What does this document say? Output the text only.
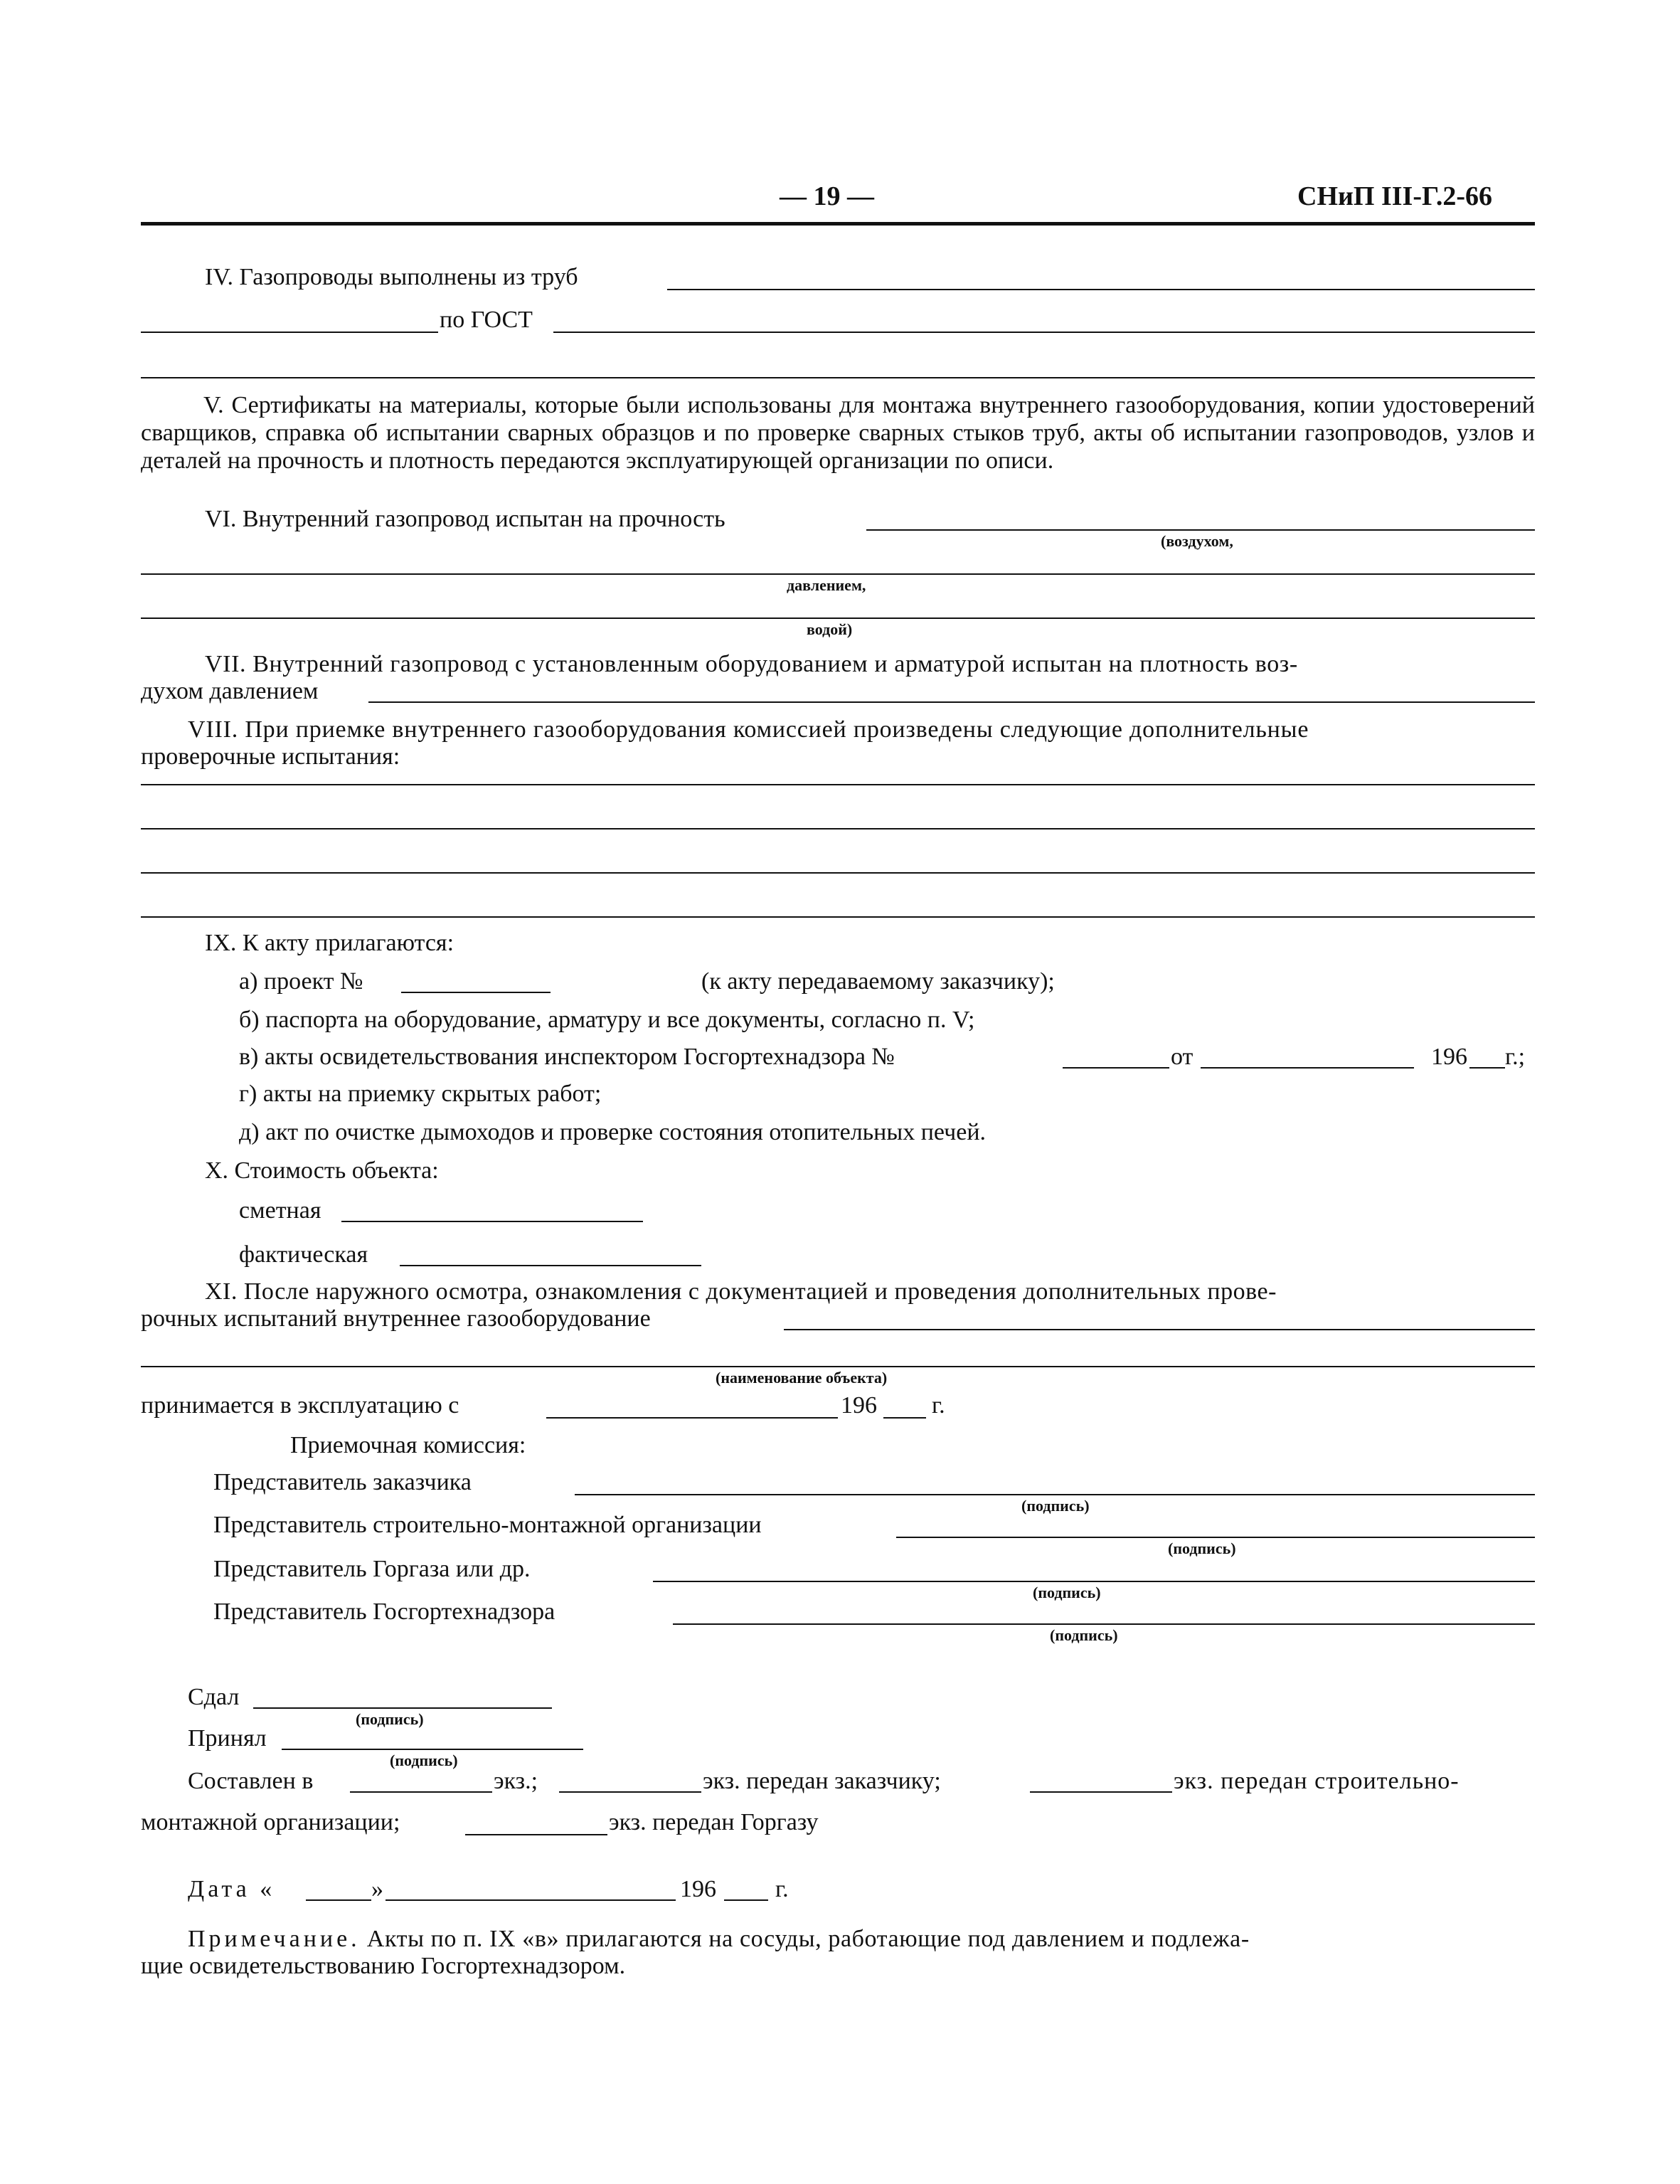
— 19 —	СНиП III-Г.2-66
IV. Газопроводы выполнены из труб
по ГОСТ
V. Сертификаты на материалы, которые были использованы для монтажа внутреннего газооборудования, копии удостоверений сварщиков, справка об испытании сварных образцов и по проверке сварных стыков труб, акты об испытании газопроводов, узлов и деталей на прочность и плотность передаются эксплуатирующей организации по описи.
VI. Внутренний газопровод испытан на прочность
(воздухом,
давлением,
водой)
VII. Внутренний газопровод с установленным оборудованием и арматурой испытан на плотность воз-
духом давлением
VIII. При приемке внутреннего газооборудования комиссией произведены следующие дополнительные
проверочные испытания:
IX. К акту прилагаются:
а) проект №	(к акту передаваемому заказчику);
б) паспорта на оборудование, арматуру и все документы, согласно п. V;
в) акты освидетельствования инспектором Госгортехнадзора №	от	196 г.;
г) акты на приемку скрытых работ;
д) акт по очистке дымоходов и проверке состояния отопительных печей.
X. Стоимость объекта:
сметная
фактическая
XI. После наружного осмотра, ознакомления с документацией и проведения дополнительных прове-
рочных испытаний внутреннее газооборудование
(наименование объекта)
принимается в эксплуатацию с	196 г.
Приемочная комиссия:
Представитель заказчика
(подпись)
Представитель строительно-монтажной организации
(подпись)
Представитель Горгаза или др.
(подпись)
Представитель Госгортехнадзора
(подпись)
Сдал
(подпись)
Принял
(подпись)
Составлен в	экз.;	экз. передан заказчику;	экз. передан строительно-
монтажной организации;	экз. передан Горгазу
Дата «	»	196 г.
Примечание. Акты по п. IX «в» прилагаются на сосуды, работающие под давлением и подлежа-
щие освидетельствованию Госгортехнадзором.
